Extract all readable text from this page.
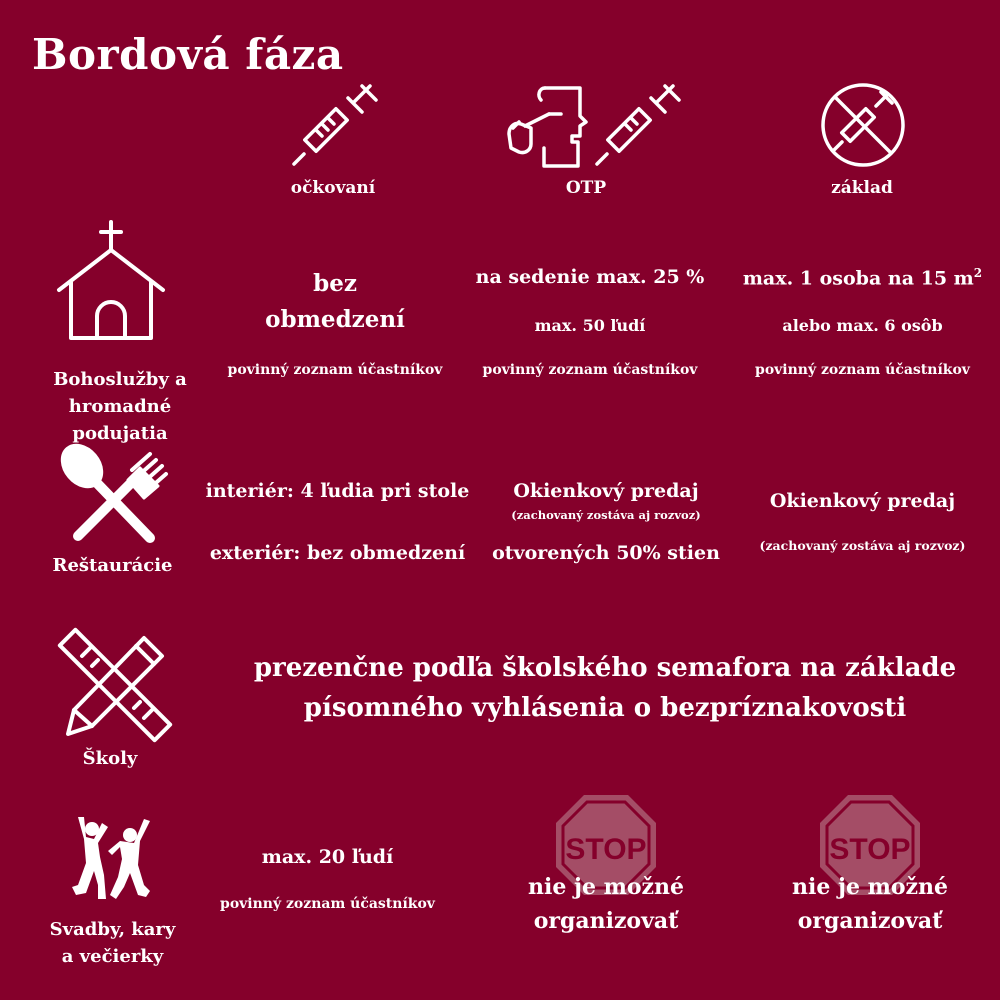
Bordová fáza
očkovaní	OTP	základ
Bohoslužby a
hromadné podujatia
bez
obmedzení
povinný zoznam účastníkov
na sedenie max. 25 %
max. 50 ľudí
povinný zoznam účastníkov
max. 1 osoba na 15 $m^2$
alebo max. 6 osôb
povinný zoznam účastníkov
Reštaurácie
interiér: 4 ľudia pri stole
exteriér: bez obmedzení
Okienkový predaj
(zachovaný zostáva aj rozvoz)
otvorených 50% stien
Okienkový predaj
(zachovaný zostáva aj rozvoz)
Školy
prezenčne podľa školského semafora na základe
písomného vyhlásenia o bezpríznakovosti
Svadby, kary
a večierky
max. 20 ľudí
povinný zoznam účastníkov
STOP
nie je možné
organizovať
STOP
nie je možné
organizovať
